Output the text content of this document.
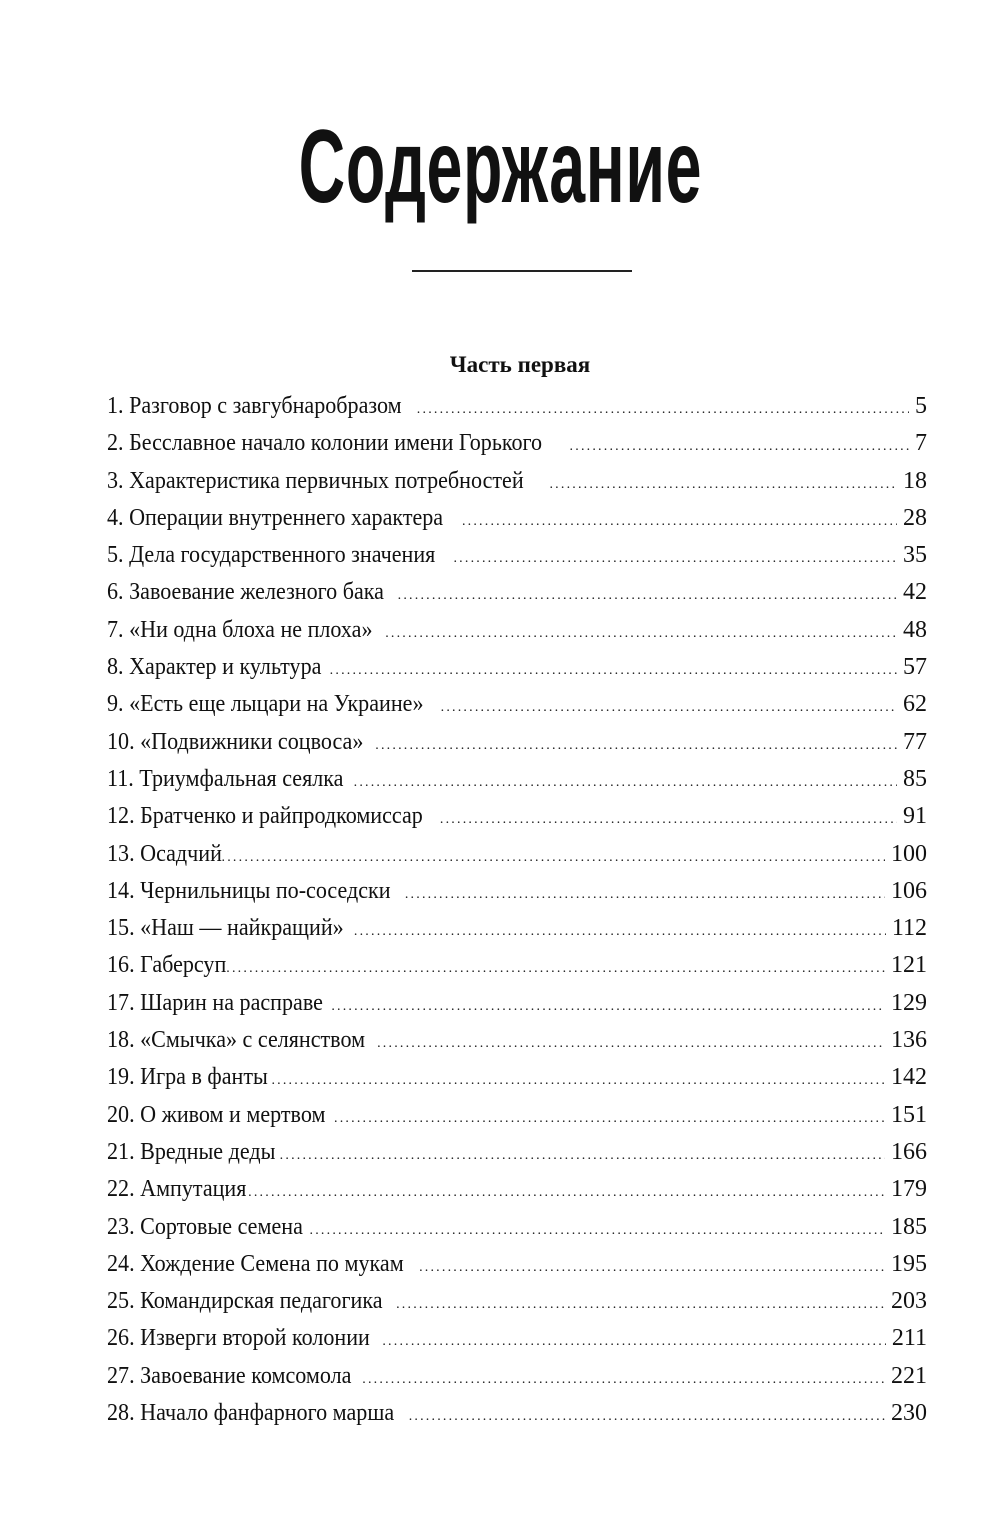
Содержание
Часть первая
1. Разговор с завгубнаробразом .....	5
2. Бесславное начало колонии имени Горького .....	7
3. Характеристика первичных потребностей .....	18
4. Операции внутреннего характера .....	28
5. Дела государственного значения .....	35
6. Завоевание железного бака .....	42
7. «Ни одна блоха не плоха» .....	48
8. Характер и культура .....	57
9. «Есть еще лыцари на Украине» .....	62
10. «Подвижники соцвоса» .....	77
11. Триумфальная сеялка .....	85
12. Братченко и райпродкомиссар .....	91
13. Осадчий .....	100
14. Чернильницы по-соседски .....	106
15. «Наш — найкращий» .....	112
16. Габерсуп .....	121
17. Шарин на расправе .....	129
18. «Смычка» с селянством .....	136
19. Игра в фанты .....	142
20. О живом и мертвом .....	151
21. Вредные деды .....	166
22. Ампутация .....	179
23. Сортовые семена .....	185
24. Хождение Семена по мукам .....	195
25. Командирская педагогика .....	203
26. Изверги второй колонии .....	211
27. Завоевание комсомола .....	221
28. Начало фанфарного марша .....	230
